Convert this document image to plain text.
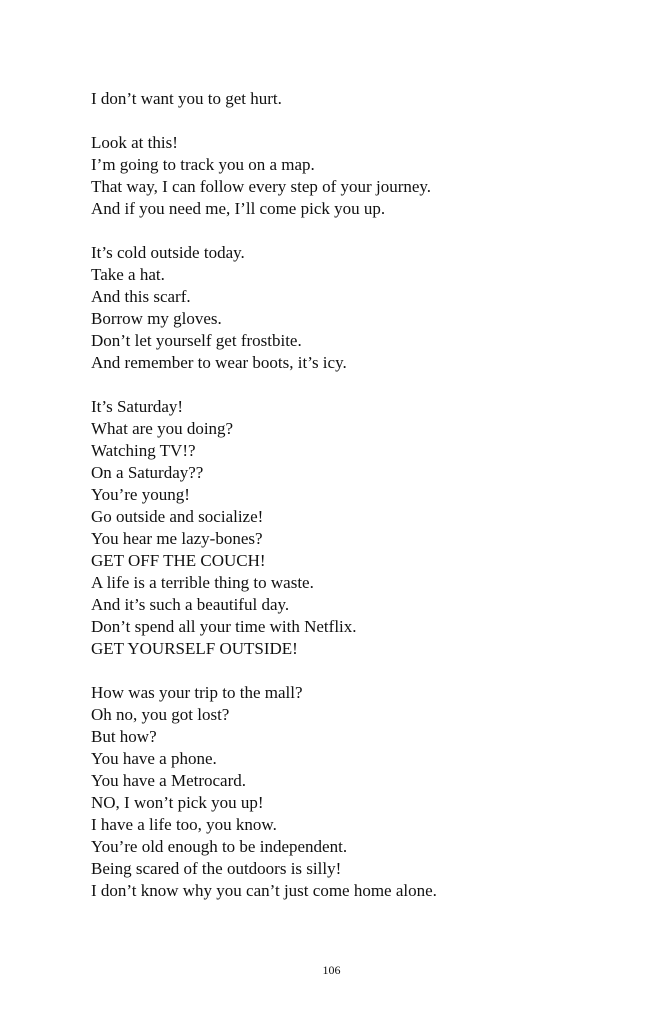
I don’t want you to get hurt.
Look at this!
I’m going to track you on a map.
That way, I can follow every step of your journey.
And if you need me, I’ll come pick you up.
It’s cold outside today.
Take a hat.
And this scarf.
Borrow my gloves.
Don’t let yourself get frostbite.
And remember to wear boots, it’s icy.
It’s Saturday!
What are you doing?
Watching TV!?
On a Saturday??
You’re young!
Go outside and socialize!
You hear me lazy-bones?
GET OFF THE COUCH!
A life is a terrible thing to waste.
And it’s such a beautiful day.
Don’t spend all your time with Netflix.
GET YOURSELF OUTSIDE!
How was your trip to the mall?
Oh no, you got lost?
But how?
You have a phone.
You have a Metrocard.
NO, I won’t pick you up!
I have a life too, you know.
You’re old enough to be independent.
Being scared of the outdoors is silly!
I don’t know why you can’t just come home alone.
106
